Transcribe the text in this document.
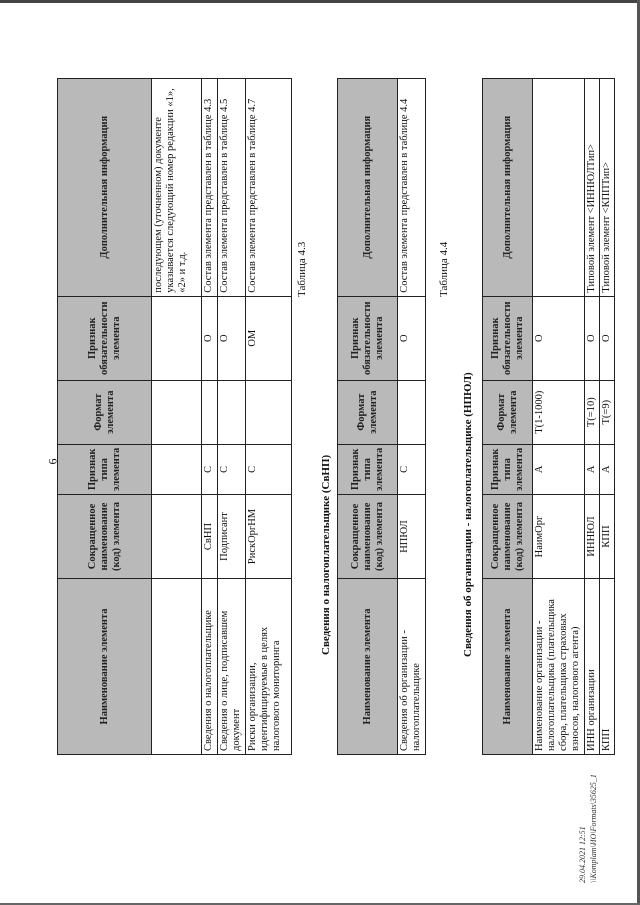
Наименование элемента	Сокращенное наименование (код) элемента	Признак типа элемента	Формат элемента	Признак обязательности элемента	Дополнительная информация
					последующем (уточненном) документе указывается следующий номер редакции «1», «2» и т.д.
Сведения о налогоплательщике	СвНП	С		О	Состав элемента представлен в таблице 4.3
Сведения о лице, подписавшем документ	Подписант	С		О	Состав элемента представлен в таблице 4.5
Риски организации, идентифицируемые в целях налогового мониторинга	РискОргНМ	С		ОМ	Состав элемента представлен в таблице 4.7	Таблица 4.3
Сведения о налогоплательщике (СвНП)
Наименование элемента	Сокращенное наименование (код) элемента	Признак типа элемента	Формат элемента	Признак обязательности элемента	Дополнительная информация
Сведения об организации - налогоплательщике	НПЮЛ	С		О	Состав элемента представлен в таблице 4.4	Таблица 4.4
Сведения об организации - налогоплательщике (НПЮЛ)
Наименование элемента	Сокращенное наименование (код) элемента	Признак типа элемента	Формат элемента	Признак обязательности элемента	Дополнительная информация
Наименование организации - налогоплательщика (плательщика сбора, плательщика страховых взносов, налогового агента)	НаимОрг	А	Т(1-1000)	О	
ИНН организации	ИННЮЛ	А	Т(=10)	О	Типовой элемент <ИННЮЛТип>
КПП	КПП	А	Т(=9)	О	Типовой элемент <КППТип>
29.04.2021 12:51 \\Komplam\ИО\Formats\35625_1
6
